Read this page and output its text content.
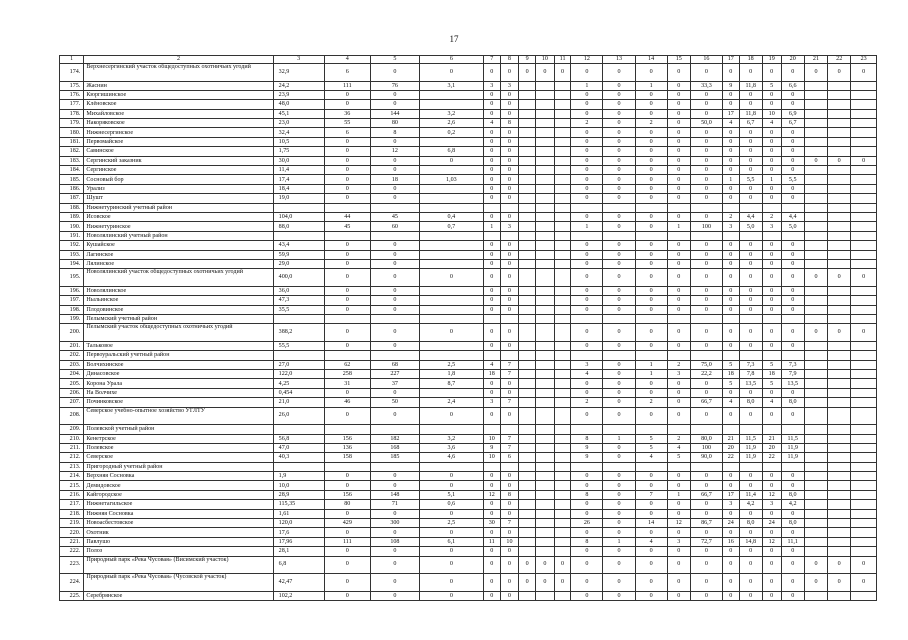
17
1	2	3	4	5	6	7	8	9	10	11	12	13	14	15	16	17	18	19	20	21	22	23
174.	Верхнесергинский участок общедоступных охотничьих угодий	32,9	6	0	0	0	0	0	0	0	0	0	0	0	0	0	0	0	0	0	0	0
175.	Жаснин	24,2	111	76	3,1	3	3				1	0	1	0	33,3	9	11,8	5	6,6			
176.	Кюргишинское	23,9	0	0		0	0				0	0	0	0	0	0	0	0	0			
177.	Клёновское	48,0	0	0		0	0				0	0	0	0	0	0	0	0	0			
178.	Михайловское	45,1	36	144	3,2	0	0				0	0	0	0	0	17	11,8	10	6,9			
179.	Накоряковское	23,0	55	80	2,6	4	8				2	0	2	0	50,0	4	6,7	4	6,7			
180.	Нижнесергинское	32,4	6	8	0,2	0	0				0	0	0	0	0	0	0	0	0			
181.	Первомайское	10,5	0	0		0	0				0	0	0	0	0	0	0	0	0			
182.	Савинское	1,75	0	12	6,8	0	0				0	0	0	0	0	0	0	0	0			
183.	Сергинский заказник	30,0	0	0	0	0	0				0	0	0	0	0	0	0	0	0	0	0	0
184.	Сергинское	11,4	0	0		0	0				0	0	0	0	0	0	0	0	0			
185.	Сосновый бор	17,4	0	18	1,03	0	0				0	0	0	0	0	1	5,5	1	5,5			
186.	Урализ	18,4	0	0		0	0				0	0	0	0	0	0	0	0	0			
187.	Шушт	19,0	0	0		0	0				0	0	0	0	0	0	0	0	0			
188.	Нижнетуринский учетный район																					
189.	Исовское	104,0	44	45	0,4	0	0				0	0	0	0	0	2	4,4	2	4,4			
190.	Нижнетуринское	88,0	45	60	0,7	1	3				1	0	0	1	100	3	5,0	3	5,0			
191.	Новолялинский учетный район																					
192.	Кушайское	43,4	0	0		0	0				0	0	0	0	0	0	0	0	0			
193.	Лагинское	59,9	0	0		0	0				0	0	0	0	0	0	0	0	0			
194.	Лялинское	29,0	0	0		0	0				0	0	0	0	0	0	0	0	0			
195.	Новолялинский участок общедоступных охотничьих угодий	400,0	0	0	0	0	0				0	0	0	0	0	0	0	0	0	0	0	0
196.	Новолялинское	36,0	0	0		0	0				0	0	0	0	0	0	0	0	0			
197.	Ныльинское	47,3	0	0		0	0				0	0	0	0	0	0	0	0	0			
198.	Плодовинское	35,5	0	0		0	0				0	0	0	0	0	0	0	0	0			
199.	Пелымский учетный район																					
200.	Пелымский участок общедоступных охотничьих угодий	388,2	0	0	0	0	0				0	0	0	0	0	0	0	0	0	0	0	0
201.	Тальковое	55,5	0	0		0	0				0	0	0	0	0	0	0	0	0			
202.	Первоуральский учетный район																					
203.	Волчихинское	27,0	62	68	2,5	4	7				3	0	1	2	75,0	5	7,3	5	7,3			
204.	Динасовское	122,0	258	227	1,8	18	7				4	0	1	3	22,2	18	7,8	18	7,9			
205.	Корона Урала	4,25	31	37	8,7	0	0				0	0	0	0	0	5	13,5	5	13,5			
206.	На Волчихе	0,454	0	0		0	0				0	0	0	0	0	0	0	0	0			
207.	Починковское	21,0	46	50	2,4	3	7				2	0	2	0	66,7	4	8,0	4	8,0			
208.	Северское учебно-опытное хозяйство УГЛТУ	26,0	0	0	0	0	0				0	0	0	0	0	0	0	0	0			
209.	Полевской учетный район																					
210.	Кенетрское	56,8	156	182	3,2	10	7				8	1	5	2	80,0	21	11,5	21	11,5			
211.	Полевское	47,0	136	168	3,6	9	7				9	0	5	4	100	20	11,9	20	11,9			
212.	Северское	40,3	158	185	4,6	10	6				9	0	4	5	90,0	22	11,9	22	11,9			
213.	Пригородный учетный район																					
214.	Верхняя Сосновка	1,9	0	0	0	0	0				0	0	0	0	0	0	0	0	0			
215.	Демидовское	10,0	0	0	0	0	0				0	0	0	0	0	0	0	0	0			
216.	Кайгородское	28,9	156	148	5,1	12	8				8	0	7	1	66,7	17	11,4	12	8,0			
217.	Нижнетагильское	115,35	80	71	0,6	0	0				0	0	0	0	0	3	4,2	3	4,2			
218.	Нижняя Сосновка	1,61	0	0	0	0	0				0	0	0	0	0	0	0	0	0			
219.	Новоасбестовское	120,0	429	300	2,5	30	7				26	0	14	12	86,7	24	8,0	24	8,0			
220.	Охотник	17,6	0	0	0	0	0				0	0	0	0	0	0	0	0	0			
221.	Павлушо	17,96	111	108	6,1	11	10				8	1	4	3	72,7	16	14,8	12	11,1			
222.	Полоз	28,1	0	0	0	0	0				0	0	0	0	0	0	0	0	0			
223.	Природный парк «Река Чусовая» (Висимский участок)	6,8	0	0	0	0	0	0	0	0	0	0	0	0	0	0	0	0	0	0	0	0
224.	Природный парк «Река Чусовая» (Чусовской участок)	42,47	0	0	0	0	0	0	0	0	0	0	0	0	0	0	0	0	0	0	0	0
225.	Серебрянское	102,2	0	0	0	0	0				0	0	0	0	0	0	0	0	0			
